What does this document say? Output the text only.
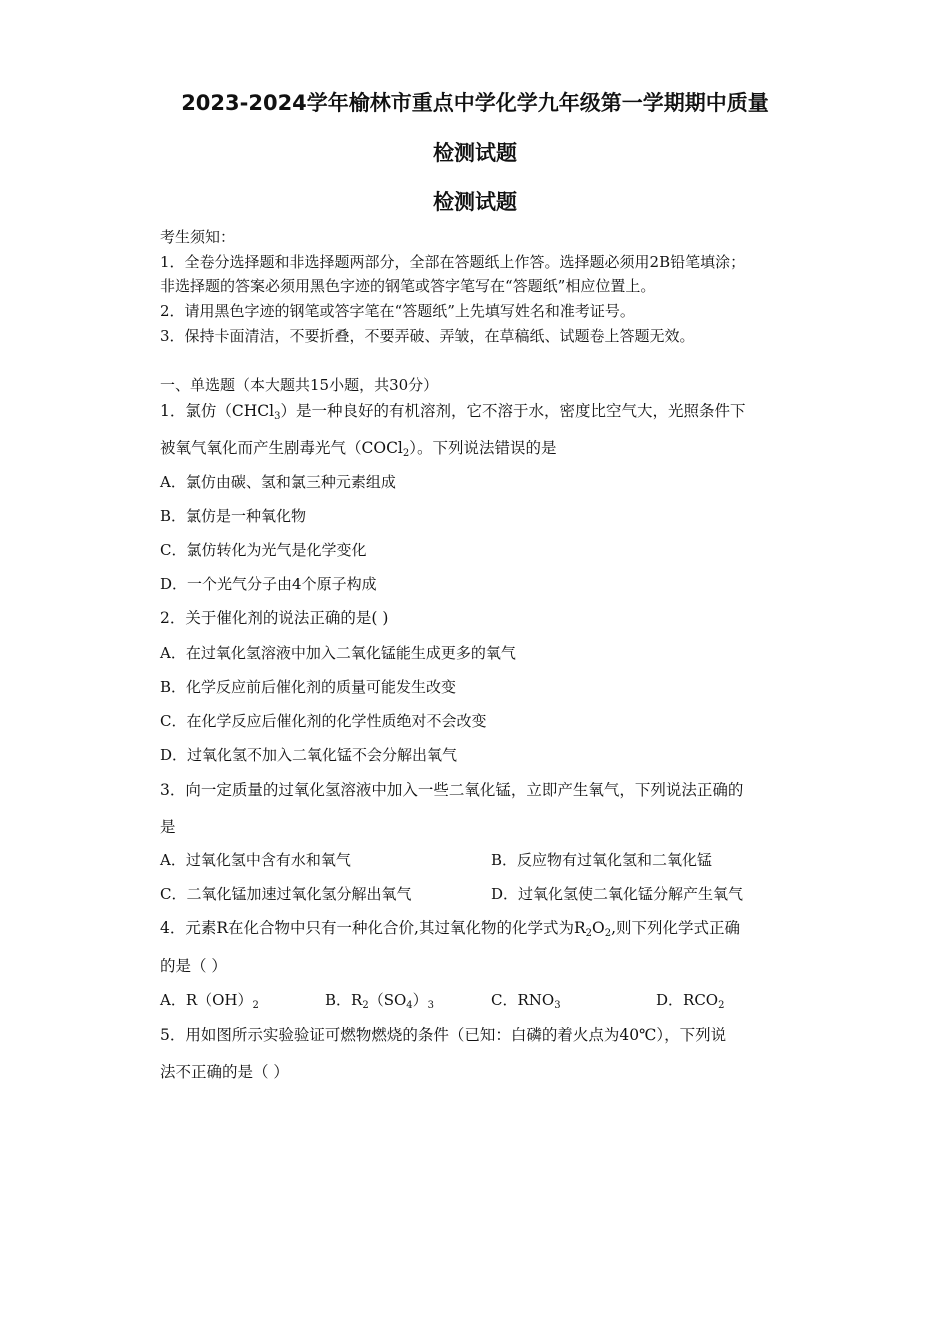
2023-2024学年榆林市重点中学化学九年级第一学期期中质量
检测试题
检测试题
考生须知：
1．全卷分选择题和非选择题两部分，全部在答题纸上作答。选择题必须用2B铅笔填涂；
非选择题的答案必须用黑色字迹的钢笔或答字笔写在“答题纸”相应位置上。
2．请用黑色字迹的钢笔或答字笔在“答题纸”上先填写姓名和准考证号。
3．保持卡面清洁，不要折叠，不要弄破、弄皱，在草稿纸、试题卷上答题无效。
一、单选题（本大题共15小题，共30分）
1．氯仿（CHCl$_3$）是一种良好的有机溶剂，它不溶于水，密度比空气大，光照条件下
被氧气氧化而产生剧毒光气（COCl$_2$）。下列说法错误的是
A．氯仿由碳、氢和氯三种元素组成
B．氯仿是一种氧化物
C．氯仿转化为光气是化学变化
D．一个光气分子由4个原子构成
2．关于催化剂的说法正确的是( )
A．在过氧化氢溶液中加入二氧化锰能生成更多的氧气
B．化学反应前后催化剂的质量可能发生改变
C．在化学反应后催化剂的化学性质绝对不会改变
D．过氧化氢不加入二氧化锰不会分解出氧气
3．向一定质量的过氧化氢溶液中加入一些二氧化锰，立即产生氧气，下列说法正确的
是
A．过氧化氢中含有水和氧气	B．反应物有过氧化氢和二氧化锰
C．二氧化锰加速过氧化氢分解出氧气	D．过氧化氢使二氧化锰分解产生氧气
4．元素R在化合物中只有一种化合价,其过氧化物的化学式为$R_2O_2$,则下列化学式正确
的是（ ）
A．$R(OH)_2$	B．$R_2(SO_4)_3$	C．$RNO_3$	D．$RCO_2$
5．用如图所示实验验证可燃物燃烧的条件（已知：白磷的着火点为40℃），下列说
法不正确的是（ ）
